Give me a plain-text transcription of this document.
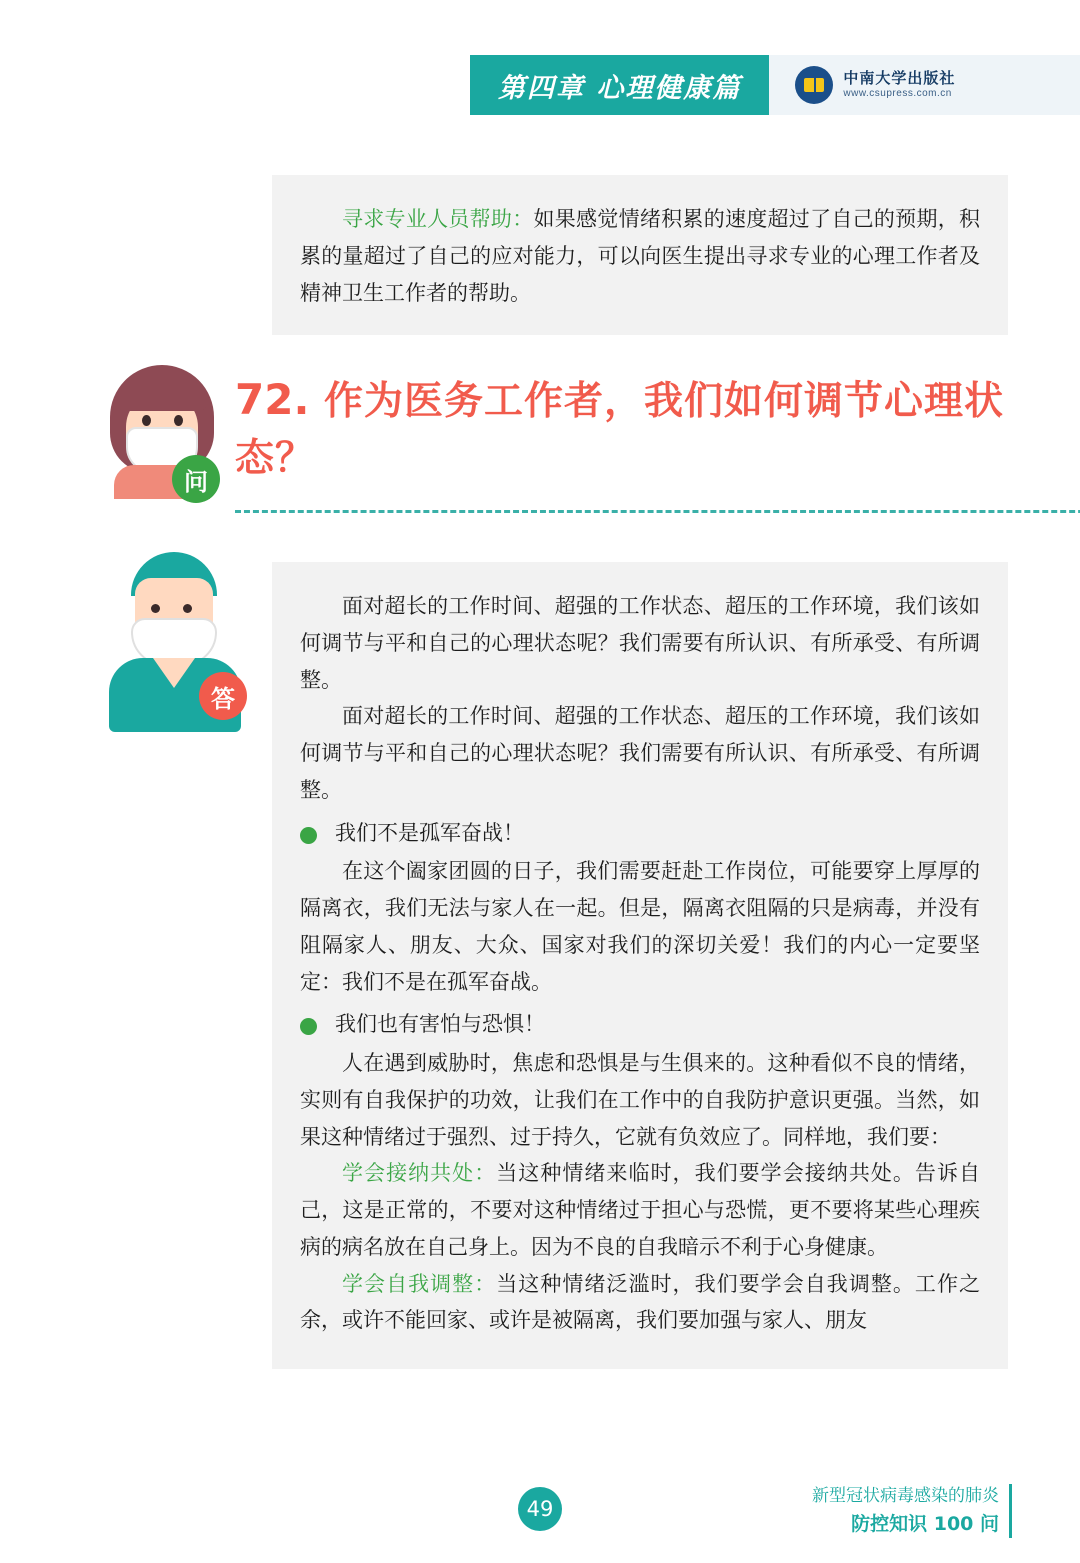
第四章 心理健康篇	中南大学出版社
www.csupress.com.cn

寻求专业人员帮助：如果感觉情绪积累的速度超过了自己的预期，积累的量超过了自己的应对能力，可以向医生提出寻求专业的心理工作者及精神卫生工作者的帮助。

问
72. 作为医务工作者，我们如何调节心理状态？
答

面对超长的工作时间、超强的工作状态、超压的工作环境，我们该如何调节与平和自己的心理状态呢？我们需要有所认识、有所承受、有所调整。

面对超长的工作时间、超强的工作状态、超压的工作环境，我们该如何调节与平和自己的心理状态呢？我们需要有所认识、有所承受、有所调整。

我们不是孤军奋战！

在这个阖家团圆的日子，我们需要赶赴工作岗位，可能要穿上厚厚的隔离衣，我们无法与家人在一起。但是，隔离衣阻隔的只是病毒，并没有阻隔家人、朋友、大众、国家对我们的深切关爱！我们的内心一定要坚定：我们不是在孤军奋战。

我们也有害怕与恐惧！

人在遇到威胁时，焦虑和恐惧是与生俱来的。这种看似不良的情绪，实则有自我保护的功效，让我们在工作中的自我防护意识更强。当然，如果这种情绪过于强烈、过于持久，它就有负效应了。同样地，我们要：

学会接纳共处：当这种情绪来临时，我们要学会接纳共处。告诉自己，这是正常的，不要对这种情绪过于担心与恐慌，更不要将某些心理疾病的病名放在自己身上。因为不良的自我暗示不利于心身健康。

学会自我调整：当这种情绪泛滥时，我们要学会自我调整。工作之余，或许不能回家、或许是被隔离，我们要加强与家人、朋友

49
新型冠状病毒感染的肺炎
防控知识 100 问
